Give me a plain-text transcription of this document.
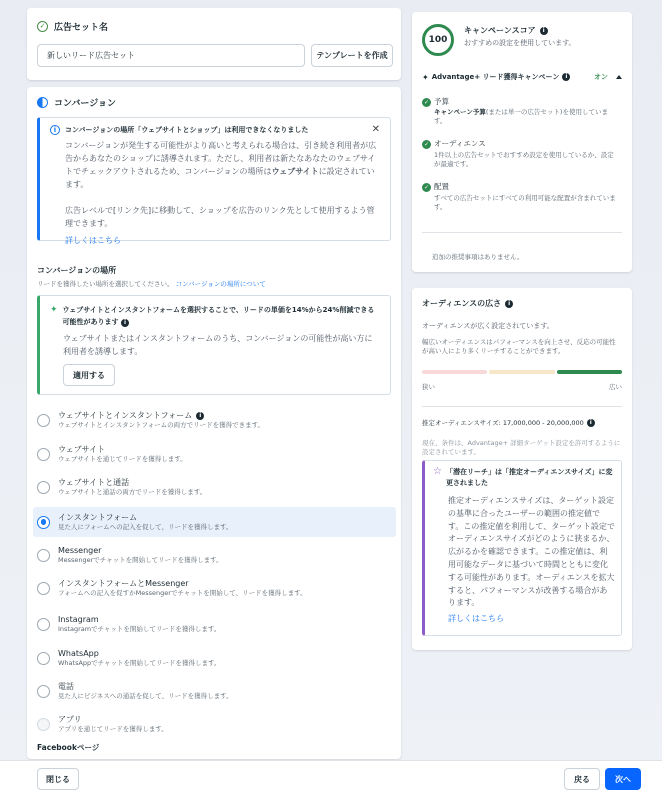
✓ 広告セット名
新しいリード広告セット	テンプレートを作成
コンバージョン
i	コンバージョンの場所「ウェブサイトとショップ」は利用できなくなりました	✕

コンバージョンが発生する可能性がより高いと考えられる場合は、引き続き利用者が広告からあなたのショップに誘導されます。ただし、利用者は新たなあなたのウェブサイトでチェックアウトされるため、コンバージョンの場所はウェブサイトに設定されています。

広告レベルで[リンク先]に移動して、ショップを広告のリンク先として使用するよう管理できます。

詳しくはこちら
コンバージョンの場所
リードを獲得したい場所を選択してください。 コンバージョンの場所について
✦ ウェブサイトとインスタントフォームを選択することで、リードの単価を14%から24%削減できる可能性があります i
ウェブサイトまたはインスタントフォームのうち、コンバージョンの可能性が高い方に利用者を誘導します。
適用する
ウェブサイトとインスタントフォーム	i
ウェブサイトとインスタントフォームの両方でリードを獲得できます。
ウェブサイト
ウェブサイトを通じてリードを獲得します。
ウェブサイトと通話
ウェブサイトと通話の両方でリードを獲得します。
インスタントフォーム
見た人にフォームへの記入を促して、リードを獲得します。
Messenger
Messengerでチャットを開始してリードを獲得します。
インスタントフォームとMessenger
フォームへの記入を促すかMessengerでチャットを開始して、リードを獲得します。
Instagram
Instagramでチャットを開始してリードを獲得します。
WhatsApp
WhatsAppでチャットを開始してリードを獲得します。
電話
見た人にビジネスへの通話を促して、リードを獲得します。
アプリ
アプリを通じてリードを獲得します。
Facebookページ
100
キャンペーンスコア	i
おすすめの設定を使用しています。
✦ Advantage+ リード獲得キャンペーン i	オン
✓ 予算
キャンペーン予算(または単一の広告セット)を使用しています。
✓ オーディエンス
1件以上の広告セットでおすすめ設定を使用しているか、設定が最適です。
✓ 配置
すべての広告セットにすべての利用可能な配置が含まれています。
追加の推奨事項はありません。
オーディエンスの広さ	i
オーディエンスが広く設定されています。
幅広いオーディエンスはパフォーマンスを向上させ、反応の可能性が高い人により多くリーチすることができます。
狭い	広い
推定オーディエンスサイズ: 17,000,000 - 20,000,000 i
現在、条件は、Advantage+ 詳細ターゲット設定を許可するように設定されています。
☆ 「潜在リーチ」は「推定オーディエンスサイズ」に変更されました
推定オーディエンスサイズは、ターゲット設定の基準に合ったユーザーの範囲の推定値です。この推定値を利用して、ターゲット設定でオーディエンスサイズがどのように狭まるか、広がるかを確認できます。この推定値は、利用可能なデータに基づいて時間とともに変化する可能性があります。オーディエンスを拡大すると、パフォーマンスが改善する場合があります。
詳しくはこちら
閉じる	戻る	次へ
